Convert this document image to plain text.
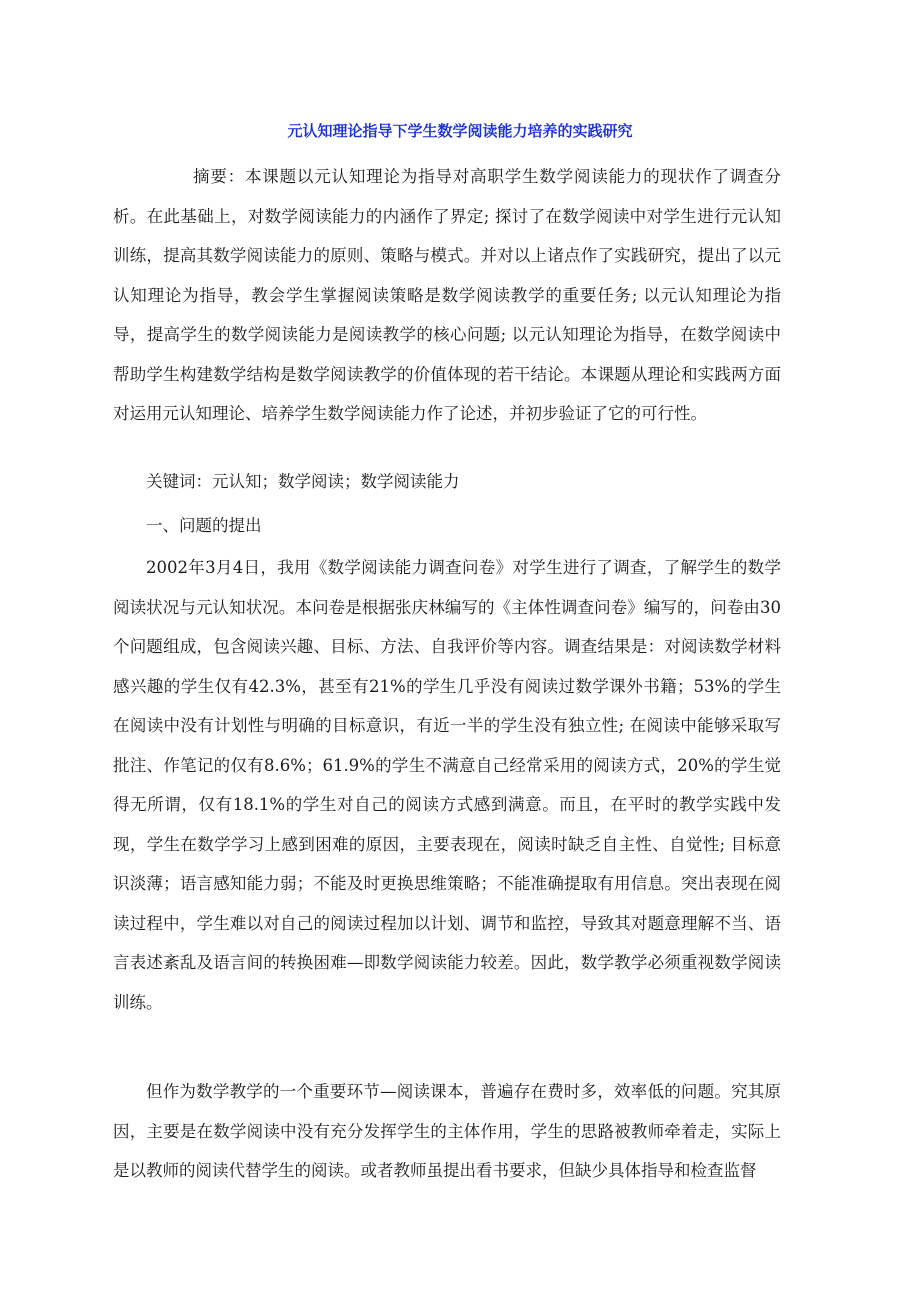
元认知理论指导下学生数学阅读能力培养的实践研究

摘要：本课题以元认知理论为指导对高职学生数学阅读能力的现状作了调查分析。在此基础上，对数学阅读能力的内涵作了界定; 探讨了在数学阅读中对学生进行元认知训练，提高其数学阅读能力的原则、策略与模式。并对以上诸点作了实践研究，提出了以元认知理论为指导，教会学生掌握阅读策略是数学阅读教学的重要任务; 以元认知理论为指导，提高学生的数学阅读能力是阅读教学的核心问题; 以元认知理论为指导，在数学阅读中帮助学生构建数学结构是数学阅读教学的价值体现的若干结论。本课题从理论和实践两方面对运用元认知理论、培养学生数学阅读能力作了论述，并初步验证了它的可行性。

关键词：元认知；数学阅读；数学阅读能力

一、问题的提出

2002年3月4日，我用《数学阅读能力调查问卷》对学生进行了调查，了解学生的数学阅读状况与元认知状况。本问卷是根据张庆林编写的《主体性调查问卷》编写的，问卷由30个问题组成，包含阅读兴趣、目标、方法、自我评价等内容。调查结果是：对阅读数学材料感兴趣的学生仅有42.3%，甚至有21%的学生几乎没有阅读过数学课外书籍；53%的学生在阅读中没有计划性与明确的目标意识，有近一半的学生没有独立性; 在阅读中能够采取写批注、作笔记的仅有8.6%；61.9%的学生不满意自己经常采用的阅读方式，20%的学生觉得无所谓，仅有18.1%的学生对自己的阅读方式感到满意。而且，在平时的教学实践中发现，学生在数学学习上感到困难的原因，主要表现在，阅读时缺乏自主性、自觉性; 目标意识淡薄；语言感知能力弱；不能及时更换思维策略；不能准确提取有用信息。突出表现在阅读过程中，学生难以对自己的阅读过程加以计划、调节和监控，导致其对题意理解不当、语言表述紊乱及语言间的转换困难—即数学阅读能力较差。因此，数学教学必须重视数学阅读训练。

但作为数学教学的一个重要环节—阅读课本，普遍存在费时多，效率低的问题。究其原因，主要是在数学阅读中没有充分发挥学生的主体作用，学生的思路被教师牵着走，实际上是以教师的阅读代替学生的阅读。或者教师虽提出看书要求，但缺少具体指导和检查监督
